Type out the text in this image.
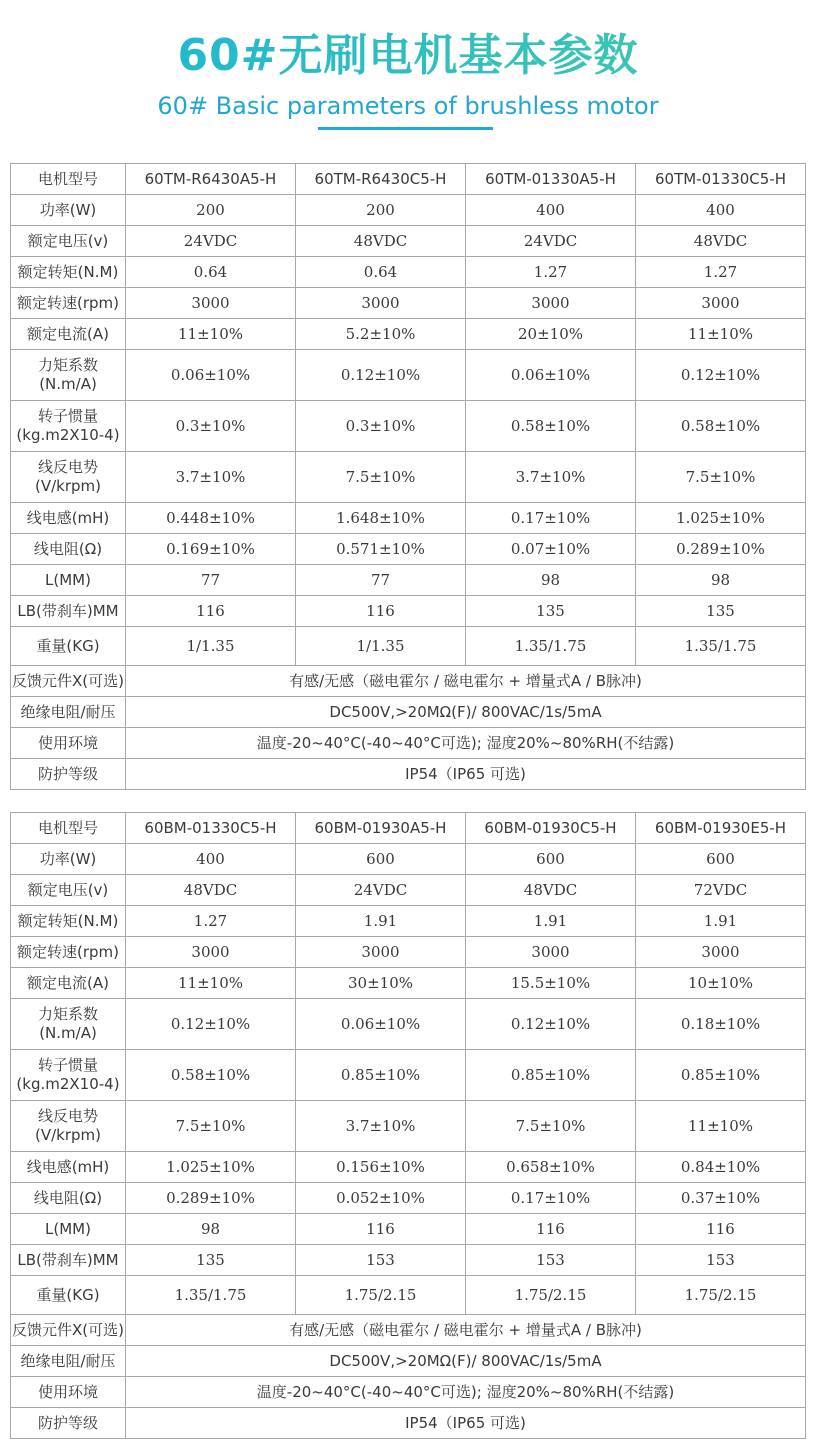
60#无刷电机基本参数
60# Basic parameters of brushless motor
电机型号	60TM-R6430A5-H	60TM-R6430C5-H	60TM-01330A5-H	60TM-01330C5-H
功率(W)	200	200	400	400
额定电压(v)	24VDC	48VDC	24VDC	48VDC
额定转矩(N.M)	0.64	0.64	1.27	1.27
额定转速(rpm)	3000	3000	3000	3000
额定电流(A)	11±10%	5.2±10%	20±10%	11±10%

力矩系数
(N.m/A)	0.06±10%	0.12±10%	0.06±10%	0.12±10%

转子惯量
(kg.m2X10-4)	0.3±10%	0.3±10%	0.58±10%	0.58±10%

线反电势
(V/krpm)	3.7±10%	7.5±10%	3.7±10%	7.5±10%
线电感(mH)	0.448±10%	1.648±10%	0.17±10%	1.025±10%
线电阻(Ω)	0.169±10%	0.571±10%	0.07±10%	0.289±10%
L(MM)	77	77	98	98
LB(带刹车)MM	116	116	135	135
重量(KG)	1/1.35	1/1.35	1.35/1.75	1.35/1.75
反馈元件X(可选)	有感/无感（磁电霍尔 / 磁电霍尔 + 增量式A / B脉冲)			
绝缘电阻/耐压	DC500V,>20MΩ(F)/ 800VAC/1s/5mA			
使用环境	温度-20~40°C(-40~40°C可选); 湿度20%~80%RH(不结露)			
防护等级	IP54（IP65 可选)			
电机型号	60BM-01330C5-H	60BM-01930A5-H	60BM-01930C5-H	60BM-01930E5-H
功率(W)	400	600	600	600
额定电压(v)	48VDC	24VDC	48VDC	72VDC
额定转矩(N.M)	1.27	1.91	1.91	1.91
额定转速(rpm)	3000	3000	3000	3000
额定电流(A)	11±10%	30±10%	15.5±10%	10±10%

力矩系数
(N.m/A)	0.12±10%	0.06±10%	0.12±10%	0.18±10%

转子惯量
(kg.m2X10-4)	0.58±10%	0.85±10%	0.85±10%	0.85±10%

线反电势
(V/krpm)	7.5±10%	3.7±10%	7.5±10%	11±10%
线电感(mH)	1.025±10%	0.156±10%	0.658±10%	0.84±10%
线电阻(Ω)	0.289±10%	0.052±10%	0.17±10%	0.37±10%
L(MM)	98	116	116	116
LB(带刹车)MM	135	153	153	153
重量(KG)	1.35/1.75	1.75/2.15	1.75/2.15	1.75/2.15
反馈元件X(可选)	有感/无感（磁电霍尔 / 磁电霍尔 + 增量式A / B脉冲)			
绝缘电阻/耐压	DC500V,>20MΩ(F)/ 800VAC/1s/5mA			
使用环境	温度-20~40°C(-40~40°C可选); 湿度20%~80%RH(不结露)			
防护等级	IP54（IP65 可选)			
